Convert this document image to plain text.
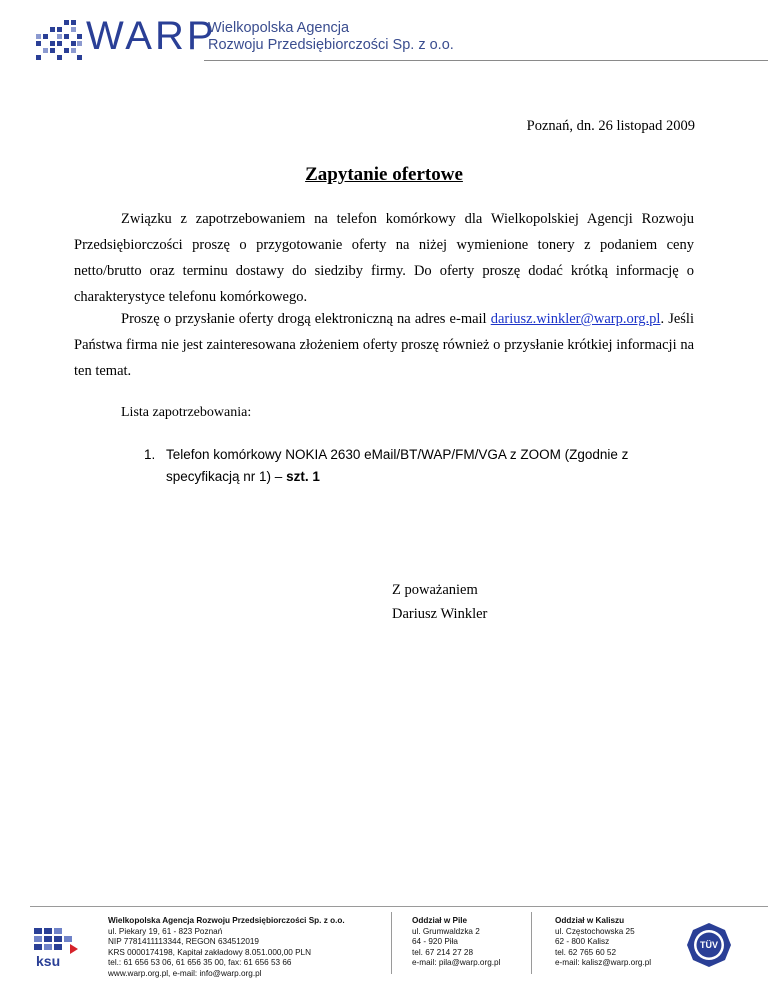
WARP
Wielkopolska Agencja
Rozwoju Przedsiębiorczości Sp. z o.o.
Poznań, dn. 26 listopad 2009
Zapytanie ofertowe
Związku z zapotrzebowaniem na telefon komórkowy dla Wielkopolskiej Agencji Rozwoju Przedsiębiorczości proszę o przygotowanie oferty na niżej wymienione tonery z podaniem ceny netto/brutto oraz terminu dostawy do siedziby firmy. Do oferty proszę dodać krótką informację o charakterystyce telefonu komórkowego.
Proszę o przysłanie oferty drogą elektroniczną na adres e-mail dariusz.winkler@warp.org.pl. Jeśli Państwa firma nie jest zainteresowana złożeniem oferty proszę również o przysłanie krótkiej informacji na ten temat.
Lista zapotrzebowania:
1. Telefon komórkowy NOKIA 2630 eMail/BT/WAP/FM/VGA z ZOOM (Zgodnie z specyfikacją nr 1) – szt. 1
Z poważaniem
Dariusz Winkler
ksu
Wielkopolska Agencja Rozwoju Przedsiębiorczości Sp. z o.o.
ul. Piekary 19, 61 - 823 Poznań
NIP 7781411113344, REGON 634512019
KRS 0000174198, Kapitał zakładowy 8.051.000,00 PLN
tel.: 61 656 53 06, 61 656 35 00, fax: 61 656 53 66
www.warp.org.pl, e-mail: info@warp.org.pl
Oddział w Pile
ul. Grumwaldzka 2
64 - 920 Piła
tel. 67 214 27 28
e-mail: pila@warp.org.pl
Oddział w Kaliszu
ul. Częstochowska 25
62 - 800 Kalisz
tel. 62 765 60 52
e-mail: kalisz@warp.org.pl
TÜV
